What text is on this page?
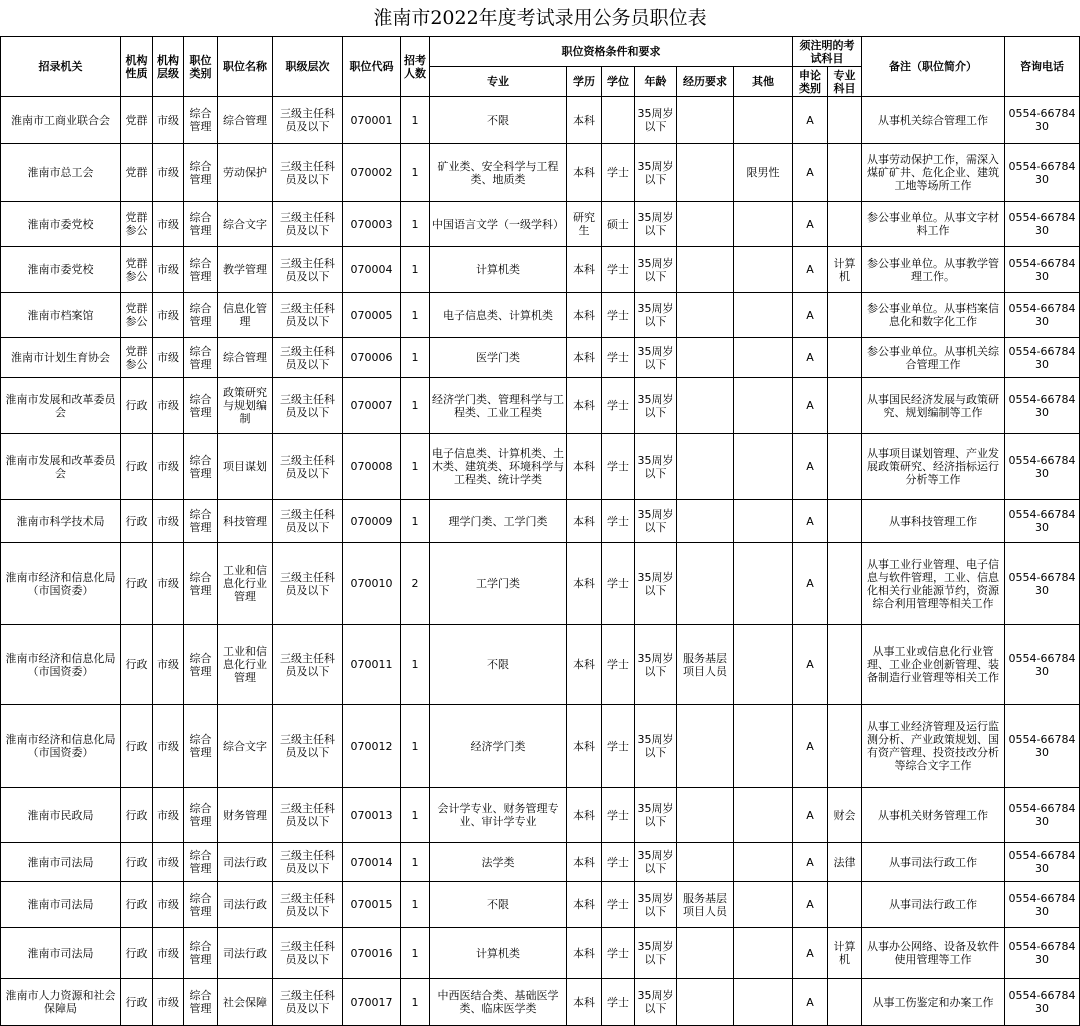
淮南市2022年度考试录用公务员职位表
招录机关	机构性质	机构层级	职位类别	职位名称	职级层次	职位代码	招考人数	职位资格条件和要求						须注明的考试科目		备注（职位简介）	咨询电话
								专业	学历	学位	年龄	经历要求	其他	申论类别	专业科目		
淮南市工商业联合会	党群	市级	综合管理	综合管理	三级主任科员及以下	070001	1	不限	本科		35周岁以下			A		从事机关综合管理工作	0554-6678430
淮南市总工会	党群	市级	综合管理	劳动保护	三级主任科员及以下	070002	1	矿业类、安全科学与工程类、地质类	本科	学士	35周岁以下		限男性	A		从事劳动保护工作，需深入煤矿矿井、危化企业、建筑工地等场所工作	0554-6678430
淮南市委党校	党群参公	市级	综合管理	综合文字	三级主任科员及以下	070003	1	中国语言文学（一级学科）	研究生	硕士	35周岁以下			A		参公事业单位。从事文字材料工作	0554-6678430
淮南市委党校	党群参公	市级	综合管理	教学管理	三级主任科员及以下	070004	1	计算机类	本科	学士	35周岁以下			A	计算机	参公事业单位。从事教学管理工作。	0554-6678430
淮南市档案馆	党群参公	市级	综合管理	信息化管理	三级主任科员及以下	070005	1	电子信息类、计算机类	本科	学士	35周岁以下			A		参公事业单位。从事档案信息化和数字化工作	0554-6678430
淮南市计划生育协会	党群参公	市级	综合管理	综合管理	三级主任科员及以下	070006	1	医学门类	本科	学士	35周岁以下			A		参公事业单位。从事机关综合管理工作	0554-6678430
淮南市发展和改革委员会	行政	市级	综合管理	政策研究与规划编制	三级主任科员及以下	070007	1	经济学门类、管理科学与工程类、工业工程类	本科	学士	35周岁以下			A		从事国民经济发展与政策研究、规划编制等工作	0554-6678430
淮南市发展和改革委员会	行政	市级	综合管理	项目谋划	三级主任科员及以下	070008	1	电子信息类、计算机类、土木类、建筑类、环境科学与工程类、统计学类	本科	学士	35周岁以下			A		从事项目谋划管理、产业发展政策研究、经济指标运行分析等工作	0554-6678430
淮南市科学技术局	行政	市级	综合管理	科技管理	三级主任科员及以下	070009	1	理学门类、工学门类	本科	学士	35周岁以下			A		从事科技管理工作	0554-6678430
淮南市经济和信息化局（市国资委）	行政	市级	综合管理	工业和信息化行业管理	三级主任科员及以下	070010	2	工学门类	本科	学士	35周岁以下			A		从事工业行业管理、电子信息与软件管理，工业、信息化相关行业能源节约，资源综合利用管理等相关工作	0554-6678430
淮南市经济和信息化局（市国资委）	行政	市级	综合管理	工业和信息化行业管理	三级主任科员及以下	070011	1	不限	本科	学士	35周岁以下	服务基层项目人员		A		从事工业或信息化行业管理、工业企业创新管理、装备制造行业管理等相关工作	0554-6678430
淮南市经济和信息化局（市国资委）	行政	市级	综合管理	综合文字	三级主任科员及以下	070012	1	经济学门类	本科	学士	35周岁以下			A		从事工业经济管理及运行监测分析、产业政策规划、国有资产管理、投资技改分析等综合文字工作	0554-6678430
淮南市民政局	行政	市级	综合管理	财务管理	三级主任科员及以下	070013	1	会计学专业、财务管理专业、审计学专业	本科	学士	35周岁以下			A	财会	从事机关财务管理工作	0554-6678430
淮南市司法局	行政	市级	综合管理	司法行政	三级主任科员及以下	070014	1	法学类	本科	学士	35周岁以下			A	法律	从事司法行政工作	0554-6678430
淮南市司法局	行政	市级	综合管理	司法行政	三级主任科员及以下	070015	1	不限	本科	学士	35周岁以下	服务基层项目人员		A		从事司法行政工作	0554-6678430
淮南市司法局	行政	市级	综合管理	司法行政	三级主任科员及以下	070016	1	计算机类	本科	学士	35周岁以下			A	计算机	从事办公网络、设备及软件使用管理等工作	0554-6678430
淮南市人力资源和社会保障局	行政	市级	综合管理	社会保障	三级主任科员及以下	070017	1	中西医结合类、基础医学类、临床医学类	本科	学士	35周岁以下			A		从事工伤鉴定和办案工作	0554-6678430
